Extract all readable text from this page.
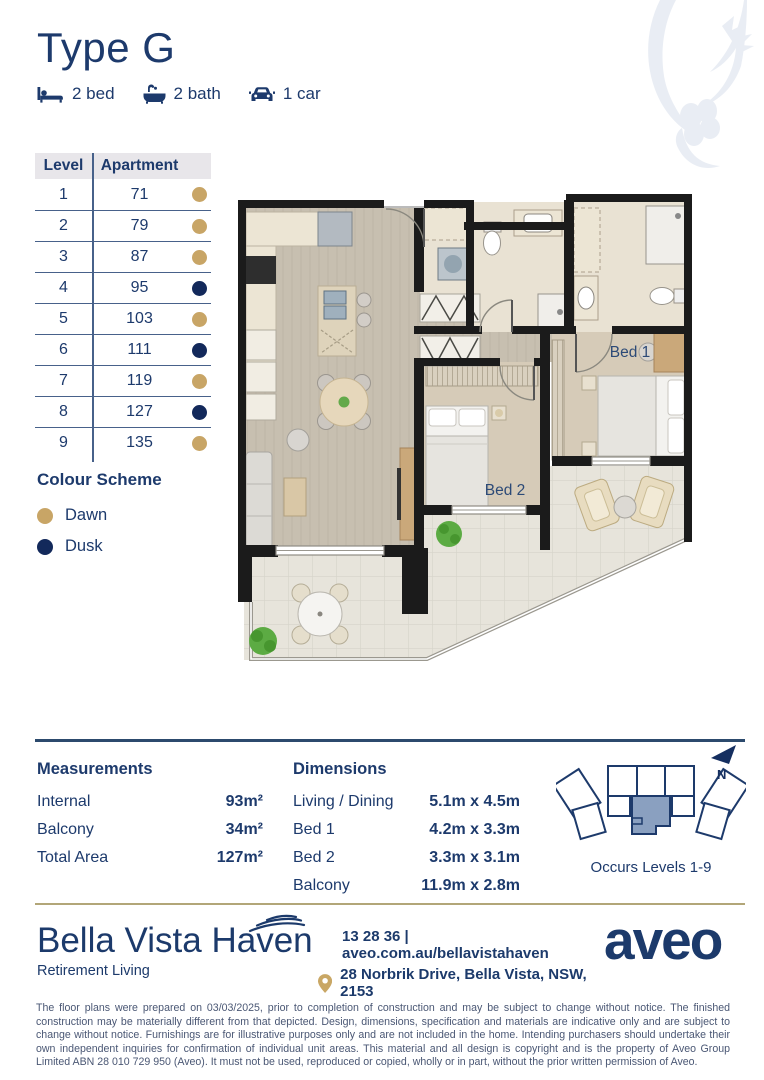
Type G
2 bed	2 bath	1 car
Level	Apartment
1	71
2	79
3	87
4	95
5	103
6	111
7	119
8	127
9	135
Colour Scheme
Dawn
Dusk
Bed 1
Bed 2
Measurements
Internal	93m²
Balcony	34m²
Total Area	127m²
Dimensions
Living / Dining 5.1m x 4.5m
Bed 1	4.2m x 3.3m
Bed 2	3.3m x 3.1m
Balcony	11.9m x 2.8m
Occurs Levels 1-9
N
Bella Vista Haven
Retirement Living
13 28 36 | aveo.com.au/bellavistahaven
28 Norbrik Drive, Bella Vista, NSW, 2153
aveo
The floor plans were prepared on 03/03/2025, prior to completion of construction and may be subject to change without notice. The finished construction may be materially different from that depicted. Design, dimensions, specification and materials are indicative only and are subject to change without notice. Furnishings are for illustrative purposes only and are not included in the home. Intending purchasers should undertake their own independent inquiries for confirmation of individual unit areas. This material and all design is copyright and is the property of Aveo Group Limited ABN 28 010 729 950 (Aveo). It must not be used, reproduced or copied, wholly or in part, without the prior written permission of Aveo.
